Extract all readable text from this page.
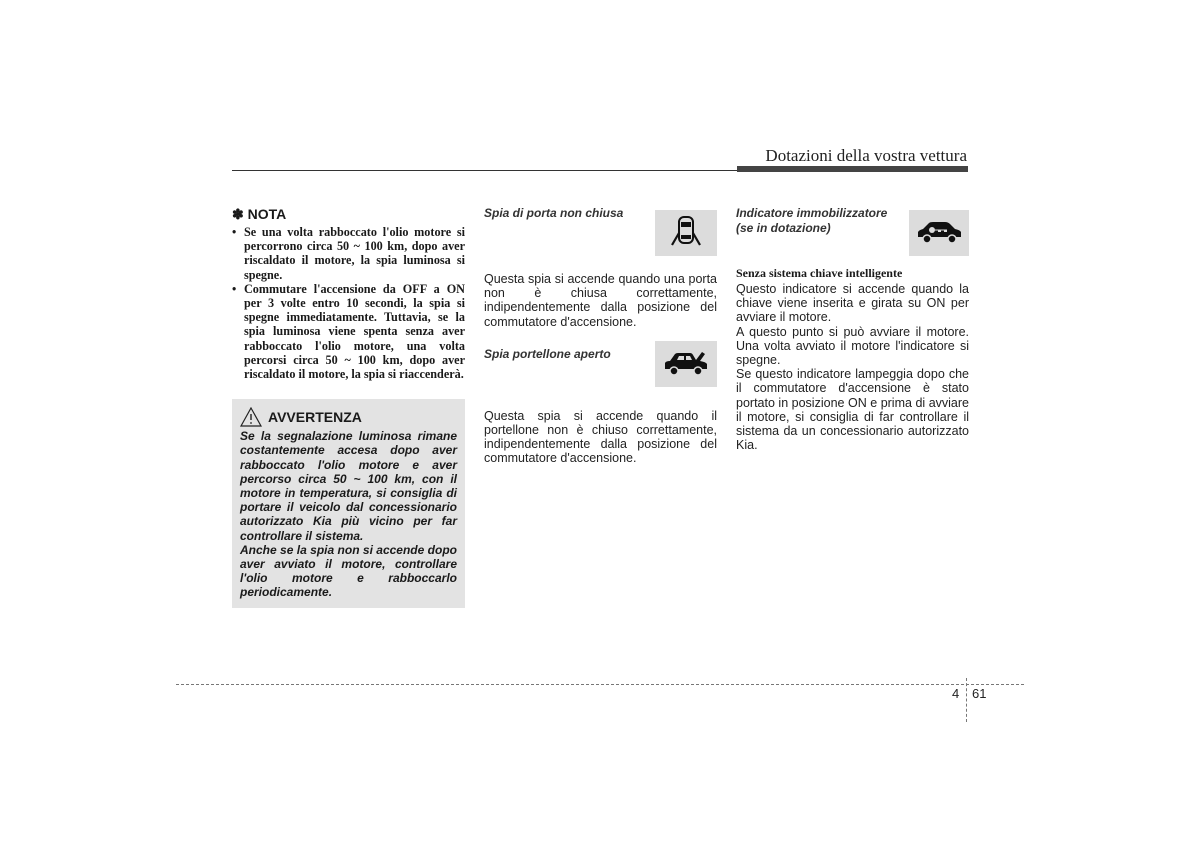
Dotazioni della vostra vettura
✽ NOTA
• Se una volta rabboccato l'olio motore si percorrono circa 50 ~ 100 km, dopo aver riscaldato il motore, la spia luminosa si spegne.
• Commutare l'accensione da OFF a ON per 3 volte entro 10 secondi, la spia si spegne immediatamente. Tuttavia, se la spia luminosa viene spenta senza aver rabboccato l'olio motore, una volta percorsi circa 50 ~ 100 km, dopo aver riscaldato il motore, la spia si riaccenderà.
AVVERTENZA

Se la segnalazione luminosa rimane costantemente accesa dopo aver rabboccato l'olio motore e aver percorso circa 50 ~ 100 km, con il motore in temperatura, si consiglia di portare il veicolo dal concessionario autorizzato Kia più vicino per far controllare il sistema.

Anche se la spia non si accende dopo aver avviato il motore, controllare l'olio motore e rabboccarlo periodicamente.

Spia di porta non chiusa
Questa spia si accende quando una porta non è chiusa correttamente, indipendentemente dalla posizione del commutatore d'accensione.
Spia portellone aperto
Questa spia si accende quando il portellone non è chiuso correttamente, indipendentemente dalla posizione del commutatore d'accensione.
Indicatore immobilizzatore
(se in dotazione)
Senza sistema chiave intelligente

Questo indicatore si accende quando la chiave viene inserita e girata su ON per avviare il motore.

A questo punto si può avviare il motore. Una volta avviato il motore l'indicatore si spegne.

Se questo indicatore lampeggia dopo che il commutatore d'accensione è stato portato in posizione ON e prima di avviare il motore, si consiglia di far controllare il sistema da un concessionario autorizzato Kia.

4 61
